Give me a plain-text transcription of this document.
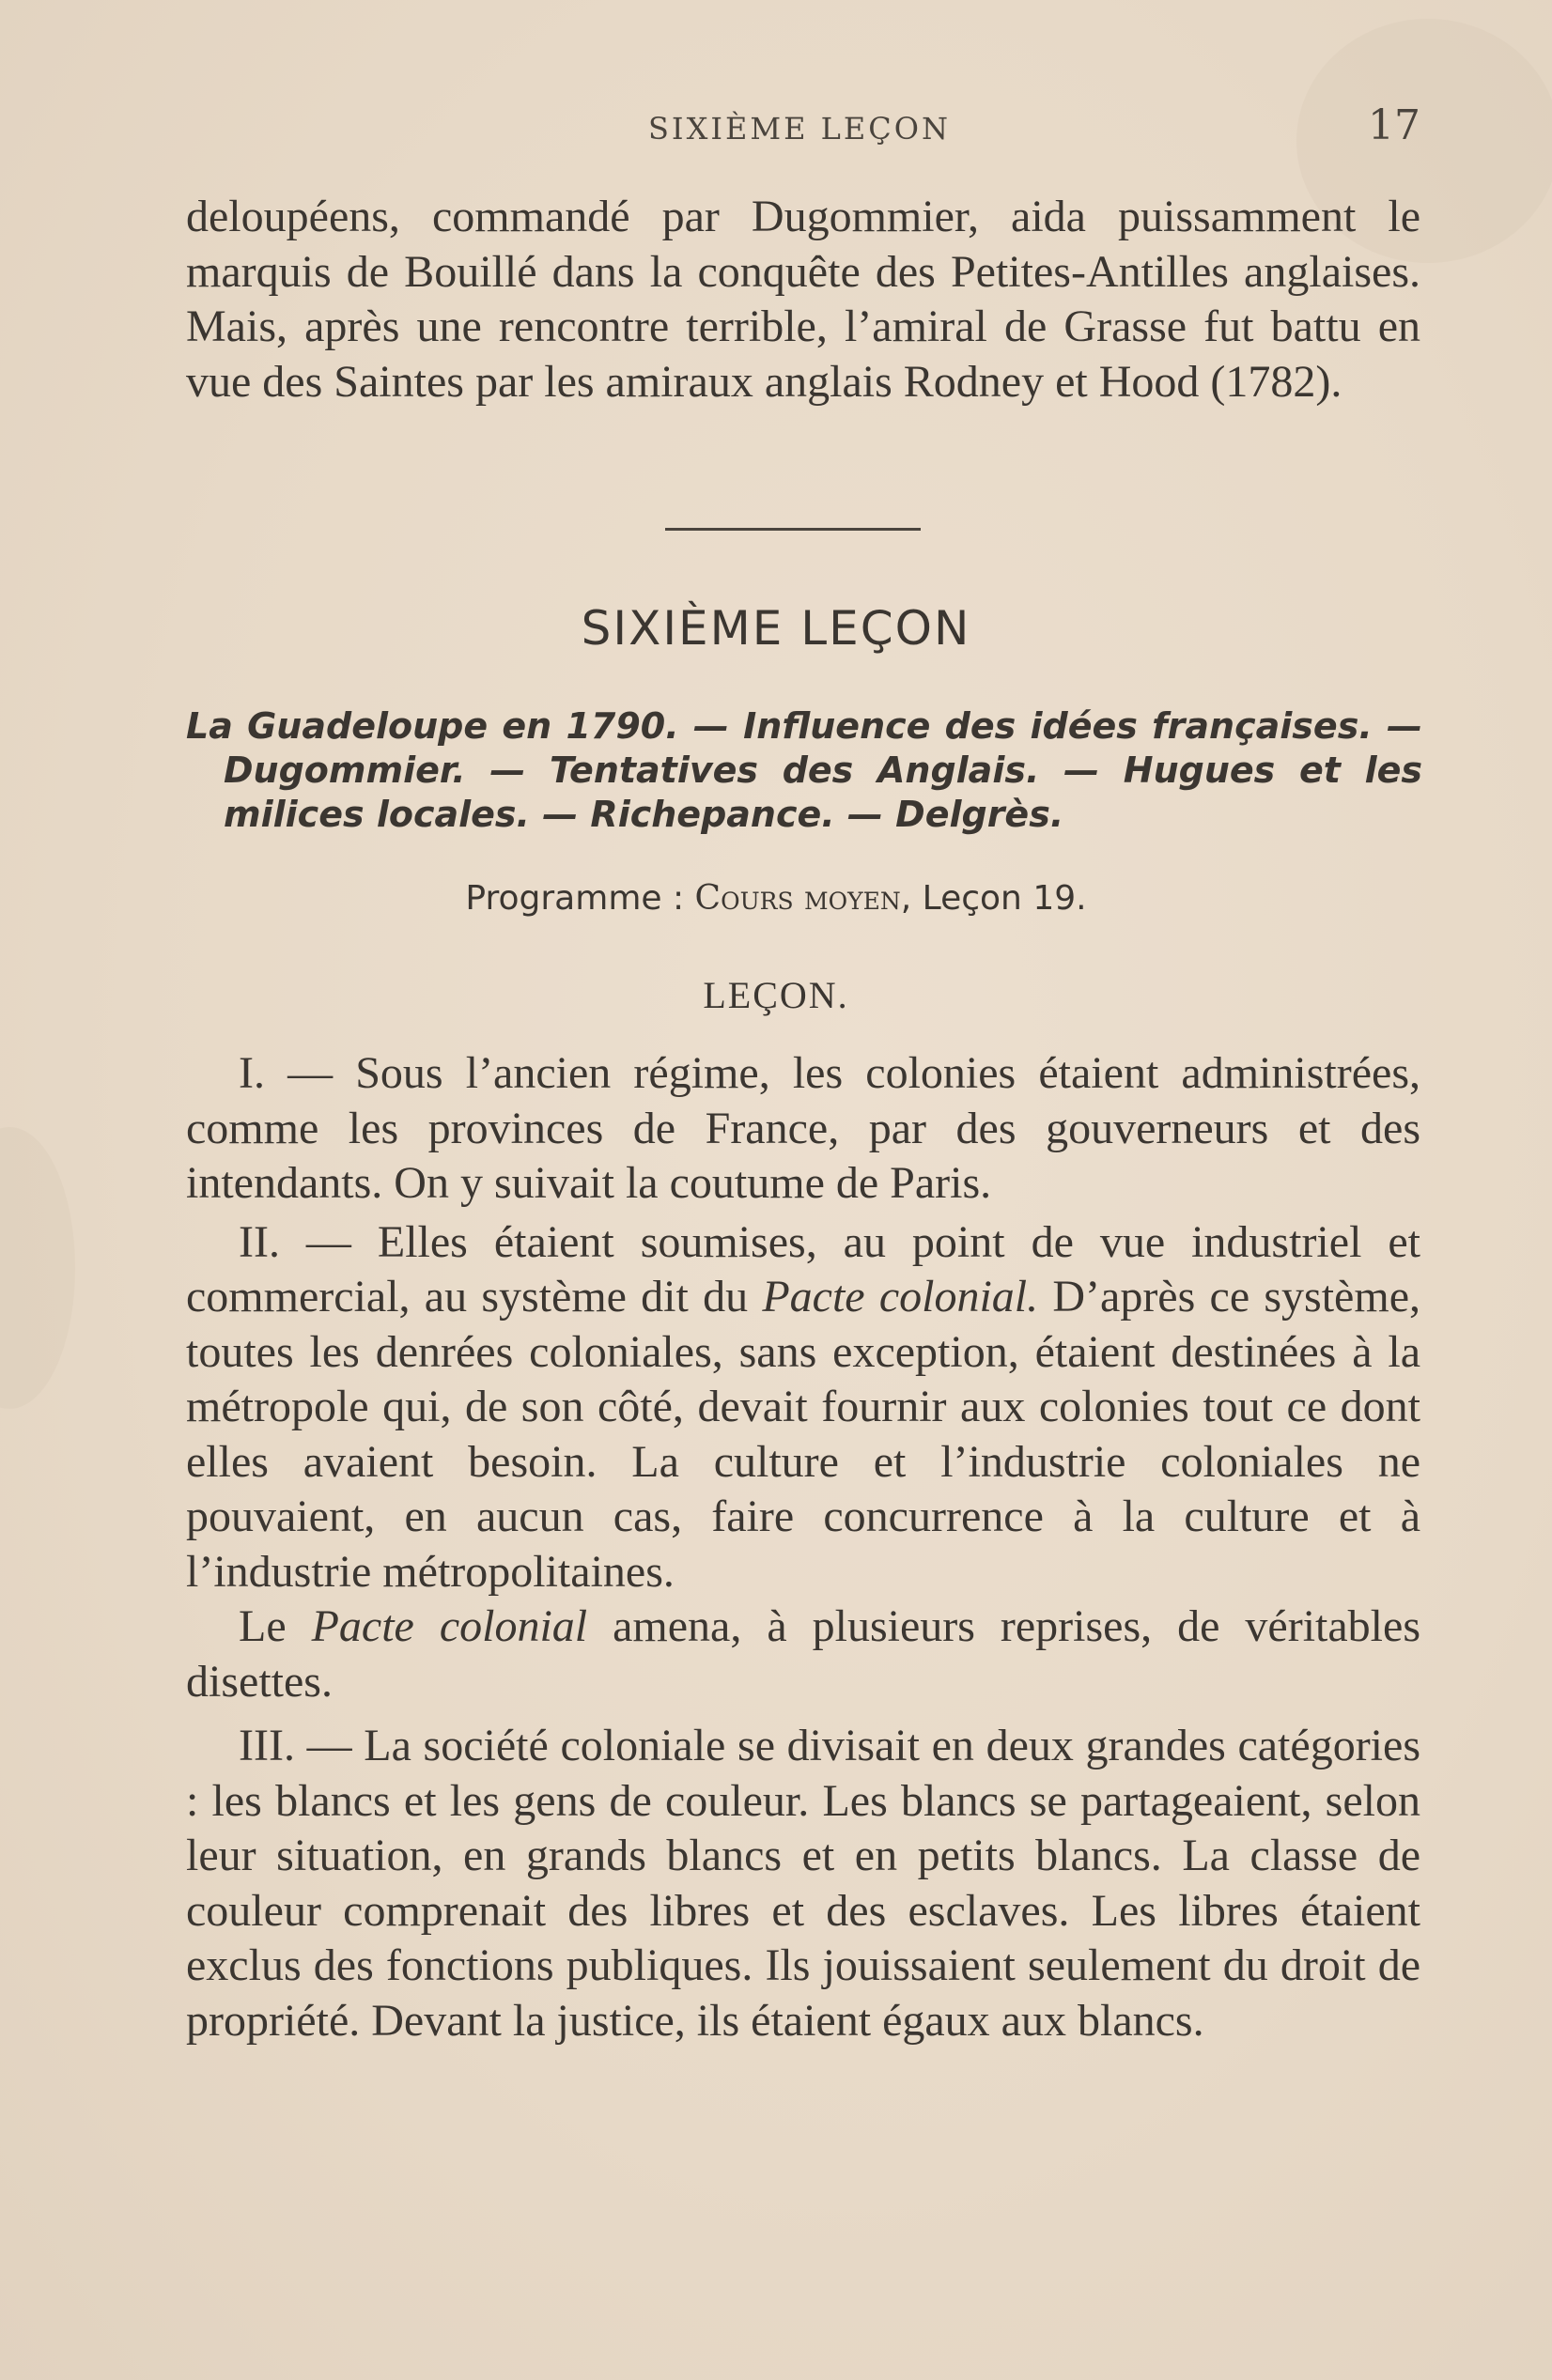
SIXIÈME LEÇON	17

deloupéens, commandé par Dugommier, aida puissamment le marquis de Bouillé dans la conquête des Petites-Antilles anglaises. Mais, après une rencontre terrible, l’amiral de Grasse fut battu en vue des Saintes par les amiraux anglais Rodney et Hood (1782).

SIXIÈME LEÇON

La Guadeloupe en 1790. — Influence des idées françaises. — Dugommier. — Tentatives des Anglais. — Hugues et les milices locales. — Richepance. — Delgrès.

Programme : Cours moyen, Leçon 19.
LEÇON.

I. — Sous l’ancien régime, les colonies étaient administrées, comme les provinces de France, par des gouverneurs et des intendants. On y suivait la coutume de Paris.

II. — Elles étaient soumises, au point de vue industriel et commercial, au système dit du Pacte colonial. D’après ce système, toutes les denrées coloniales, sans exception, étaient destinées à la métropole qui, de son côté, devait fournir aux colonies tout ce dont elles avaient besoin. La culture et l’industrie coloniales ne pouvaient, en aucun cas, faire concurrence à la culture et à l’industrie métropolitaines.

Le Pacte colonial amena, à plusieurs reprises, de véritables disettes.

III. — La société coloniale se divisait en deux grandes catégories : les blancs et les gens de couleur. Les blancs se partageaient, selon leur situation, en grands blancs et en petits blancs. La classe de couleur comprenait des libres et des esclaves. Les libres étaient exclus des fonctions publiques. Ils jouissaient seulement du droit de propriété. Devant la justice, ils étaient égaux aux blancs.
